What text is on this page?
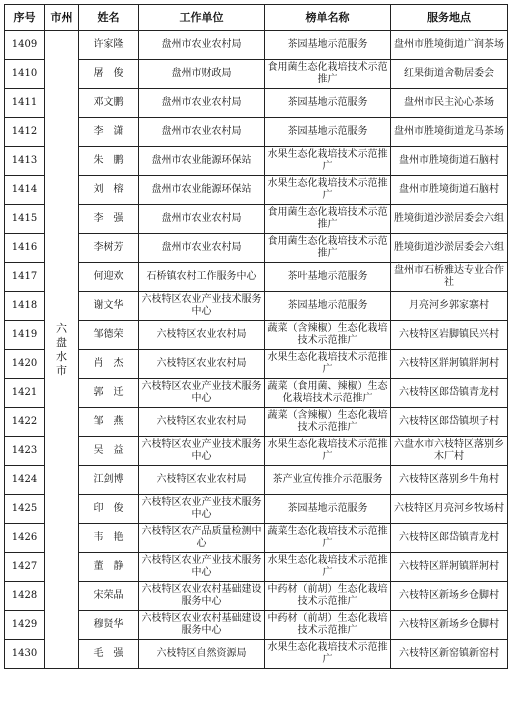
序号	市州	姓名	工作单位	榜单名称	服务地点
1409	六盘水市	许家隆	盘州市农业农村局	茶园基地示范服务	盘州市胜境街道广润茶场
1410		屠　俊	盘州市财政局	食用菌生态化栽培技术示范推广	红果街道舍勒居委会
1411		邓文鹏	盘州市农业农村局	茶园基地示范服务	盘州市民主沁心茶场
1412		李　潇	盘州市农业农村局	茶园基地示范服务	盘州市胜境街道龙马茶场
1413		朱　鹏	盘州市农业能源环保站	水果生态化栽培技术示范推广	盘州市胜境街道石脑村
1414		刘　榕	盘州市农业能源环保站	水果生态化栽培技术示范推广	盘州市胜境街道石脑村
1415		李　强	盘州市农业农村局	食用菌生态化栽培技术示范推广	胜境街道沙淤居委会六组
1416		李树芳	盘州市农业农村局	食用菌生态化栽培技术示范推广	胜境街道沙淤居委会六组
1417		何迎欢	石桥镇农村工作服务中心	茶叶基地示范服务	盘州市石桥雅达专业合作社
1418		谢文华	六枝特区农业产业技术服务中心	茶园基地示范服务	月亮河乡郭家寨村
1419		邹德荣	六枝特区农业农村局	蔬菜（含辣椒）生态化栽培技术示范推广	六枝特区岩脚镇民兴村
1420		肖　杰	六枝特区农业农村局	水果生态化栽培技术示范推广	六枝特区牂牁镇牂牁村
1421		郭　迁	六枝特区农业产业技术服务中心	蔬菜（食用菌、辣椒）生态化栽培技术示范推广	六枝特区郎岱镇青龙村
1422		邹　燕	六枝特区农业农村局	蔬菜（含辣椒）生态化栽培技术示范推广	六枝特区郎岱镇坝子村
1423		吴　益	六枝特区农业产业技术服务中心	水果生态化栽培技术示范推广	六盘水市六枝特区落别乡木厂村
1424		江剑博	六枝特区农业农村局	茶产业宣传推介示范服务	六枝特区落别乡牛角村
1425		印　俊	六枝特区农业产业技术服务中心	茶园基地示范服务	六枝特区月亮河乡牧场村
1426		韦　艳	六枝特区农产品质量检测中心	蔬菜生态化栽培技术示范推广	六枝特区郎岱镇青龙村
1427		董　静	六枝特区农业产业技术服务中心	水果生态化栽培技术示范推广	六枝特区牂牁镇牂牁村
1428		宋荣晶	六枝特区农业农村基础建设服务中心	中药材（前胡）生态化栽培技术示范推广	六枝特区新场乡仓脚村
1429		穆贤华	六枝特区农业农村基础建设服务中心	中药材（前胡）生态化栽培技术示范推广	六枝特区新场乡仓脚村
1430		毛　强	六枝特区自然资源局	水果生态化栽培技术示范推广	六枝特区新窑镇新窑村
